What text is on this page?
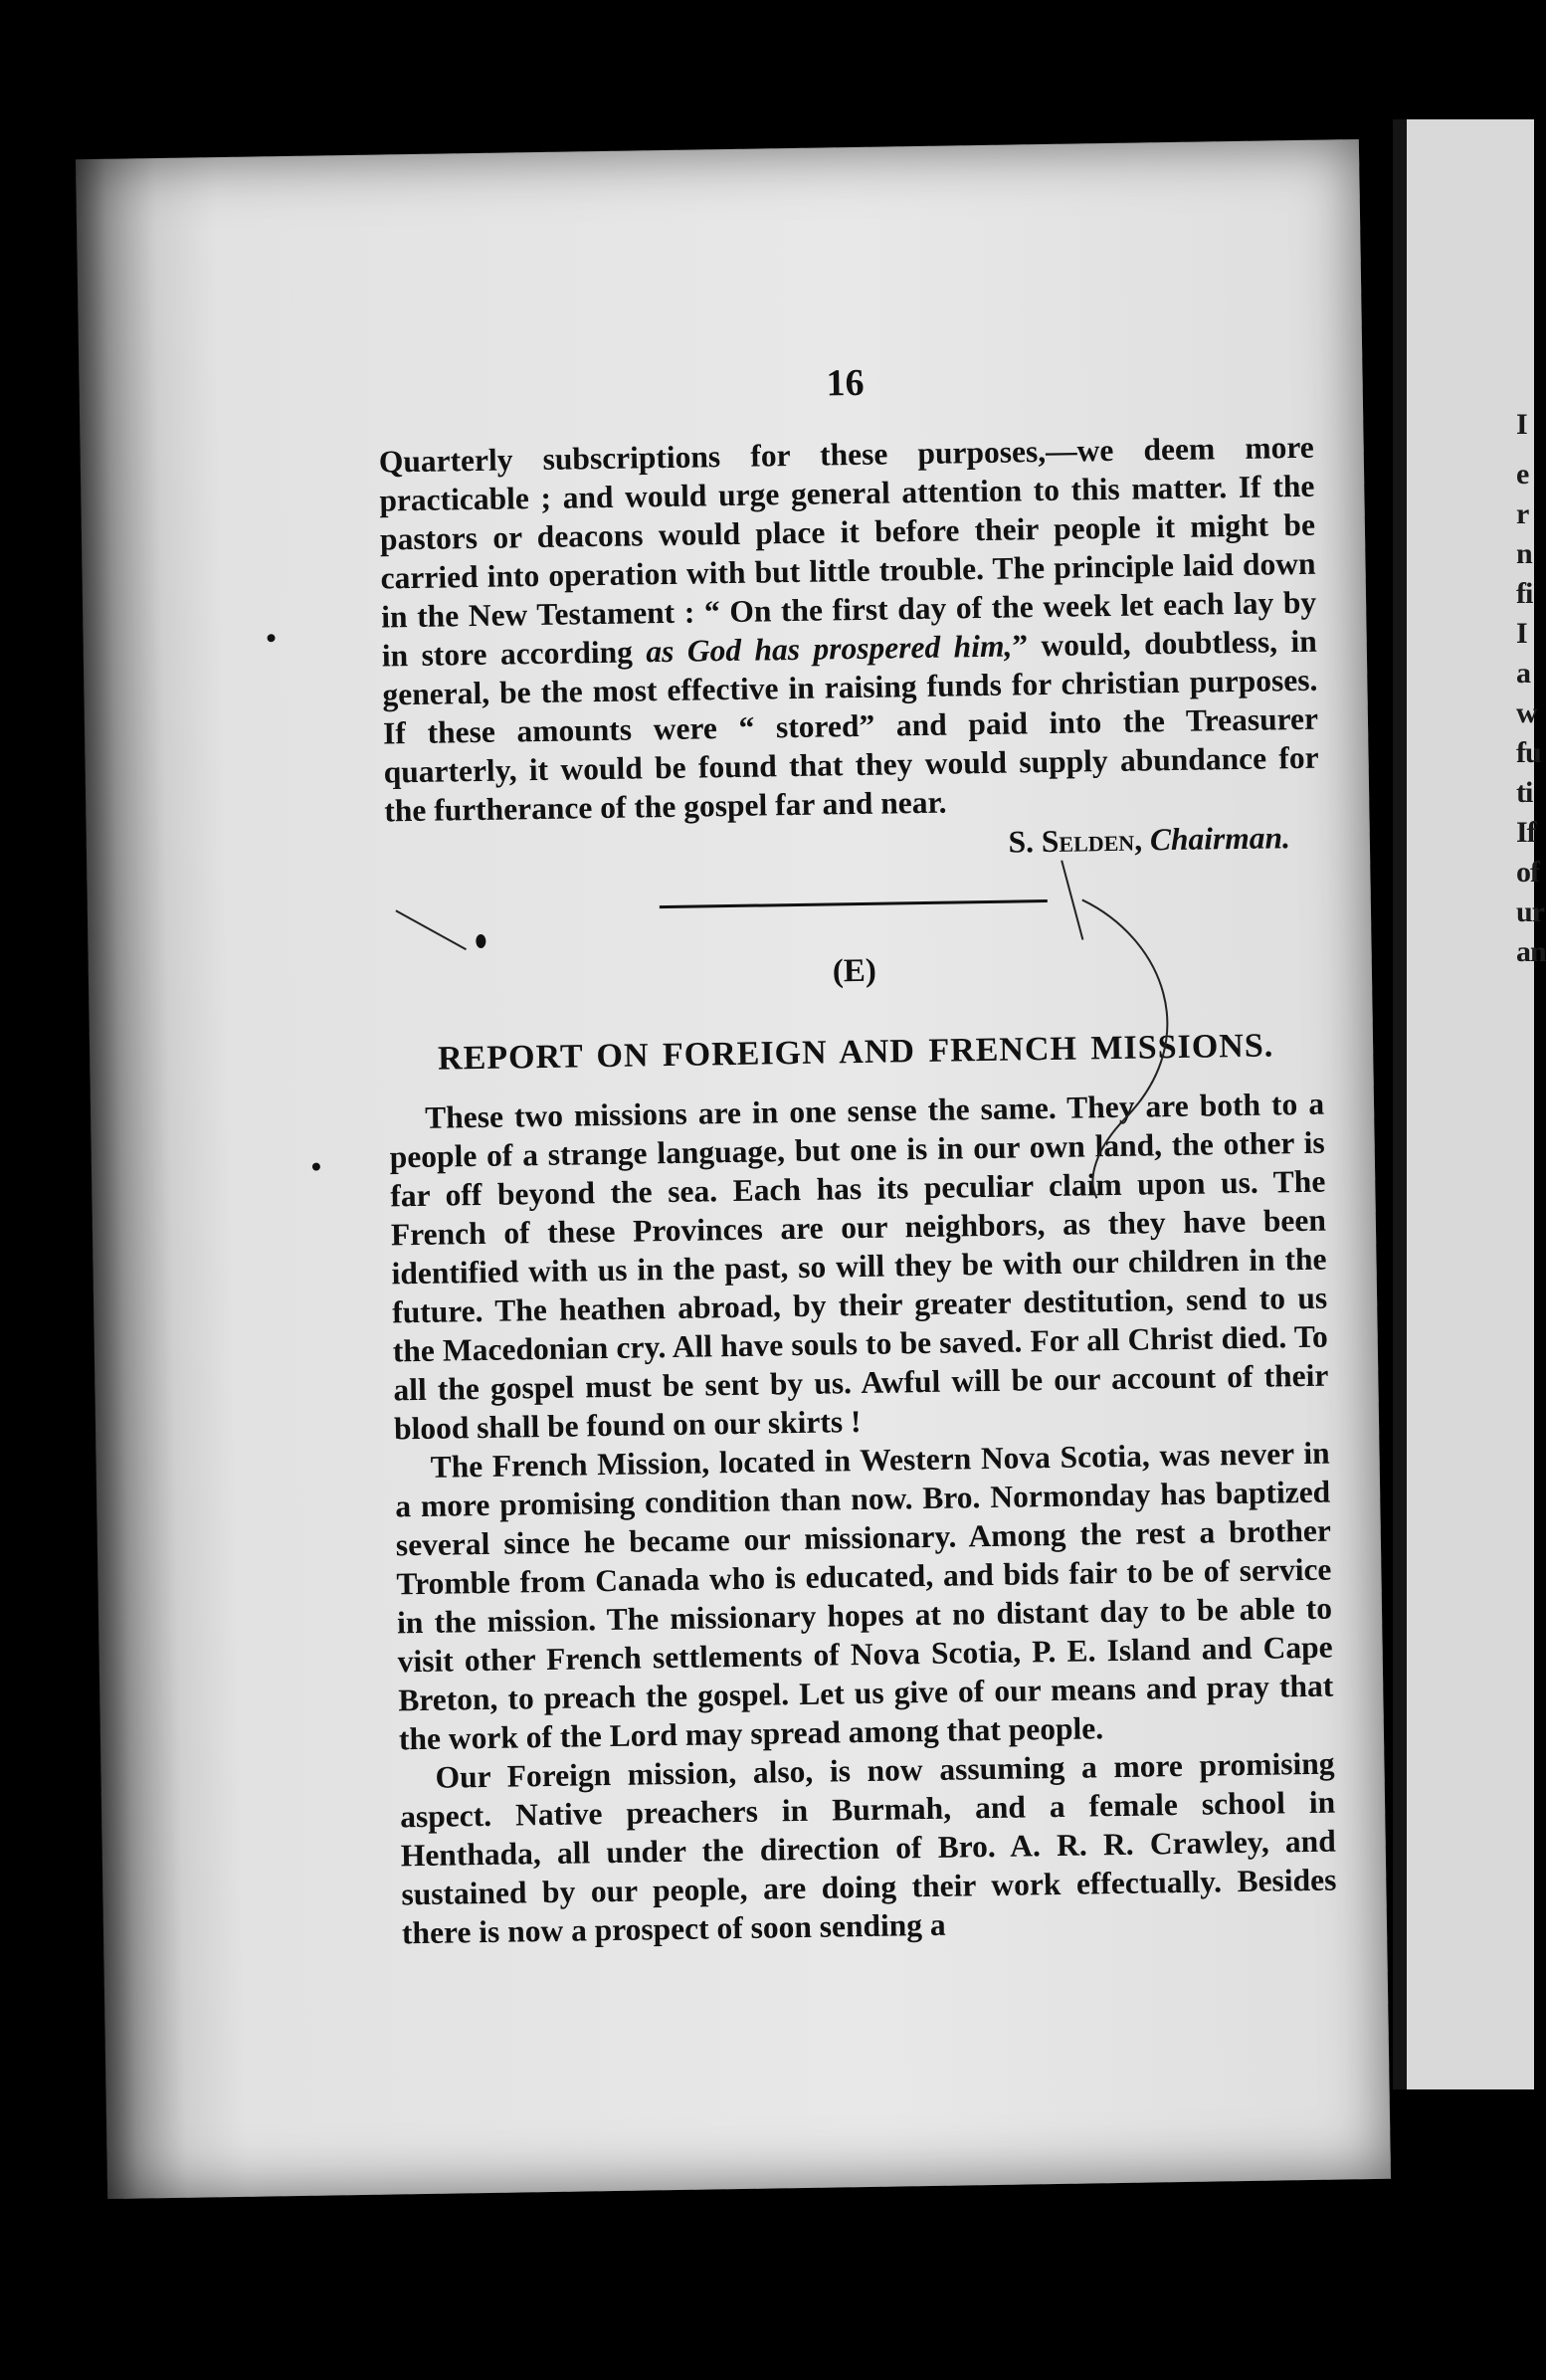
I
e
r
n
fi
I
a
w
fu
ti
If
of
ur
an
16

Quarterly subscriptions for these purposes,—we deem more practicable ; and would urge general attention to this matter. If the pastors or deacons would place it before their people it might be carried into operation with but little trouble. The principle laid down in the New Testament : “ On the first day of the week let each lay by in store according as God has prospered him,” would, doubtless, in general, be the most effective in raising funds for christian purposes. If these amounts were “ stored” and paid into the Treasurer quarterly, it would be found that they would supply abundance for the furtherance of the gospel far and near.

S. Selden, Chairman.
(E)
REPORT ON FOREIGN AND FRENCH MISSIONS.

These two missions are in one sense the same. They are both to a people of a strange language, but one is in our own land, the other is far off beyond the sea. Each has its peculiar claim upon us. The French of these Provinces are our neighbors, as they have been identified with us in the past, so will they be with our children in the future. The heathen abroad, by their greater destitution, send to us the Macedonian cry. All have souls to be saved. For all Christ died. To all the gospel must be sent by us. Awful will be our account of their blood shall be found on our skirts !

The French Mission, located in Western Nova Scotia, was never in a more promising condition than now. Bro. Normonday has baptized several since he became our missionary. Among the rest a brother Tromble from Canada who is educated, and bids fair to be of service in the mission. The missionary hopes at no distant day to be able to visit other French settlements of Nova Scotia, P. E. Island and Cape Breton, to preach the gospel. Let us give of our means and pray that the work of the Lord may spread among that people.

Our Foreign mission, also, is now assuming a more promising aspect. Native preachers in Burmah, and a female school in Henthada, all under the direction of Bro. A. R. R. Crawley, and sustained by our people, are doing their work effectually. Besides there is now a prospect of soon sending a
